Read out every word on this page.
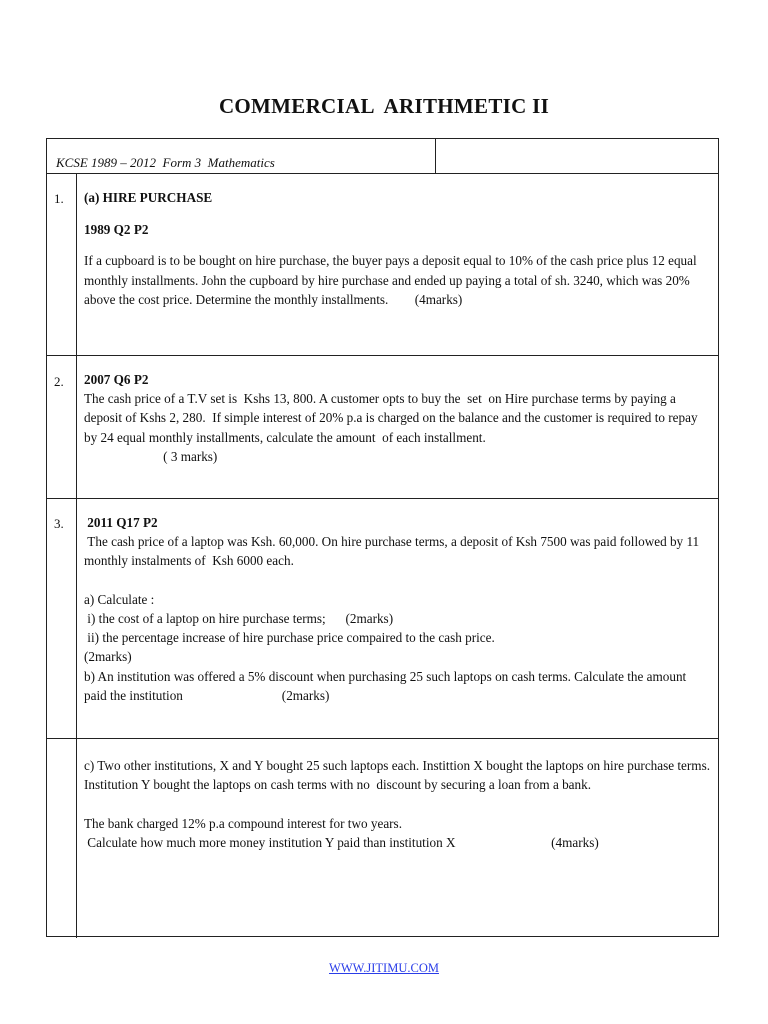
COMMERCIAL  ARITHMETIC II
KCSE 1989 – 2012  Form 3  Mathematics

1. (a) HIRE PURCHASE

1989 Q2 P2

If a cupboard is to be bought on hire purchase, the buyer pays a deposit equal to 10% of the cash price plus 12 equal monthly installments. John the cupboard by hire purchase and ended up paying a total of sh. 3240, which was 20% above the cost price. Determine the monthly installments.        (4marks)

2. 2007 Q6 P2

The cash price of a T.V set is  Kshs 13, 800. A customer opts to buy the  set  on Hire purchase terms by paying a deposit of Kshs 2, 280.  If simple interest of 20% p.a is charged on the balance and the customer is required to repay by 24 equal monthly installments, calculate the amount  of each installment.

( 3 marks)

3. 2011 Q17 P2

The cash price of a laptop was Ksh. 60,000. On hire purchase terms, a deposit of Ksh 7500 was paid followed by 11 monthly instalments of  Ksh 6000 each.

a) Calculate :

i) the cost of a laptop on hire purchase terms;      (2marks)

ii) the percentage increase of hire purchase price compaired to the cash price.

(2marks)

b) An institution was offered a 5% discount when purchasing 25 such laptops on cash terms. Calculate the amount paid the institution                              (2marks)

c) Two other institutions, X and Y bought 25 such laptops each. Instittion X bought the laptops on hire purchase terms. Institution Y bought the laptops on cash terms with no  discount by securing a loan from a bank.

The bank charged 12% p.a compound interest for two years.

Calculate how much more money institution Y paid than institution X                             (4marks)

WWW.JITIMU.COM
